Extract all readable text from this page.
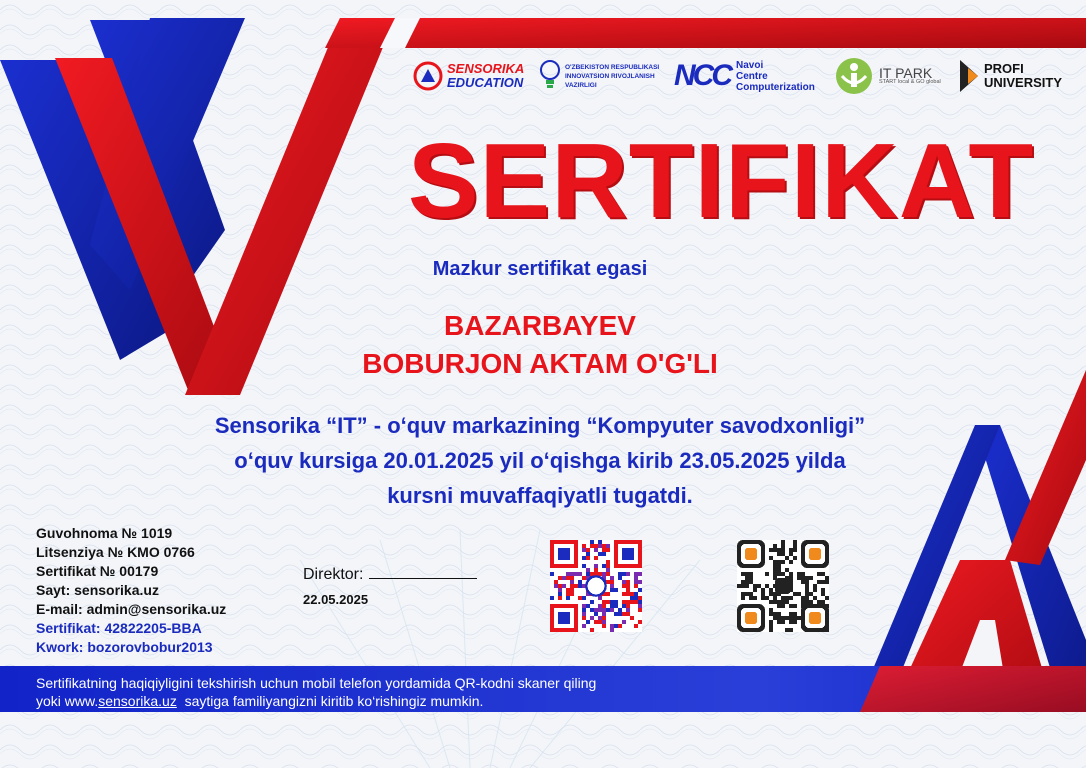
SENSORIKA
EDUCATION
O'ZBEKISTON RESPUBLIKASI
INNOVATSION RIVOJLANISH
VAZIRLIGI	NCC Navoi
Centre
Computerization
IT PARK
START local & GO global
PROFI
UNIVERSITY
SERTIFIKAT
Mazkur sertifikat egasi
BAZARBAYEV
BOBURJON AKTAM O'G'LI
Sensorika “IT” - o‘quv markazining “Kompyuter savodxonligi”
o‘quv kursiga 20.01.2025 yil o‘qishga kirib 23.05.2025 yilda
kursni muvaffaqiyatli tugatdi.
Guvohnoma № 1019
Litsenziya № KMO 0766
Sertifikat № 00179
Sayt: sensorika.uz
E-mail: admin@sensorika.uz
Sertifikat: 42822205-BBA
Kwork: bozorovbobur2013
Direktor:
22.05.2025
Sertifikatning haqiqiyligini tekshirish uchun mobil telefon yordamida QR-kodni skaner qiling
yoki www.sensorika.uz  saytiga familiyangizni kiritib ko‘rishingiz mumkin.
